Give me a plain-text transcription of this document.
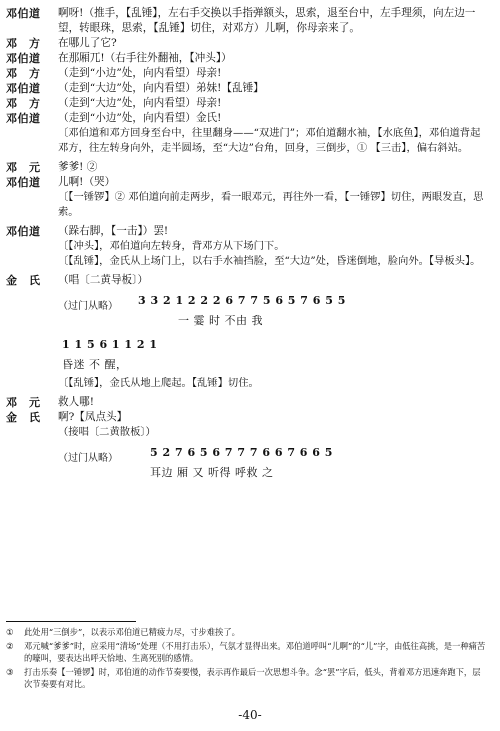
邓伯道	啊呀!（推手，【乱锤】，左右手交换以手指弹额头，思索，退至台中，左手理须，向左边一望，转眼珠，思索，【乱锤】切住，对邓方）儿啊，你母亲来了。
邓　方	在哪儿了它?
邓伯道	在那厢兀!（右手往外翻袖，【冲头】）
邓　方	（走到“小边”处，向内看望）母亲!
邓伯道	（走到“大边”处，向内看望）弟妹!【乱锤】
邓　方	（走到“大边”处，向内看望）母亲!
邓伯道	（走到“小边”处，向内看望）金氏!
〔邓伯道和邓方回身至台中，往里翻身——“双进门”；邓伯道翻水袖，【水底鱼】，邓伯道背起邓方，往左转身向外，走半圆场，至“大边”台角，回身，三倒步，① 【三击】，偏右斜站。
邓　元	爹爹! ②
邓伯道	儿啊!（哭）
〔【一锤锣】② 邓伯道向前走两步，看一眼邓元，再往外一看，【一锤锣】切住，两眼发直，思索。
邓伯道	（跺右脚，【一击】）罢!
〔【冲头】，邓伯道向左转身，背邓方从下场门下。
〔【乱锤】，金氏从上场门上，以右手水袖挡脸，至“大边”处，昏迷倒地，脸向外。【导板头】。
金　氏	（唱〔二黄导板〕）
（过门从略） 3 3 2 1 2 2 2 6 7 7 5 6 5 7 6 5 5
一 霎 时 不由 我
1 1 5 6 1 1 2 1
昏迷 不 醒，
〔【乱锤】，金氏从地上爬起。【乱锤】切住。
邓　元	救人哪!
金　氏	啊?【凤点头】
（接唱〔二黄散板〕）
（过门从略）	5 2 7 6 5 6 7 7 7 6 6 7 6 6 5
耳边 厢 又 听得 呼救 之
①	此处用“三倒步”，以表示邓伯道已精疲力尽，寸步难挨了。
②	邓元喊“爹爹”时，应采用“清场”处理（不用打击乐），气氛才显得出来。邓伯道呼叫“儿啊”的“儿”字，由低往高挑，是一种痛苦的嚎叫，要表达出呼天恰地、生离死别的感情。
③	打击乐奏【一锤锣】时，邓伯道的动作节奏要慢，表示再作最后一次思想斗争。念“罢”字后，低头，背着邓方迅速奔跑下，层次节奏要有对比。
-40-
